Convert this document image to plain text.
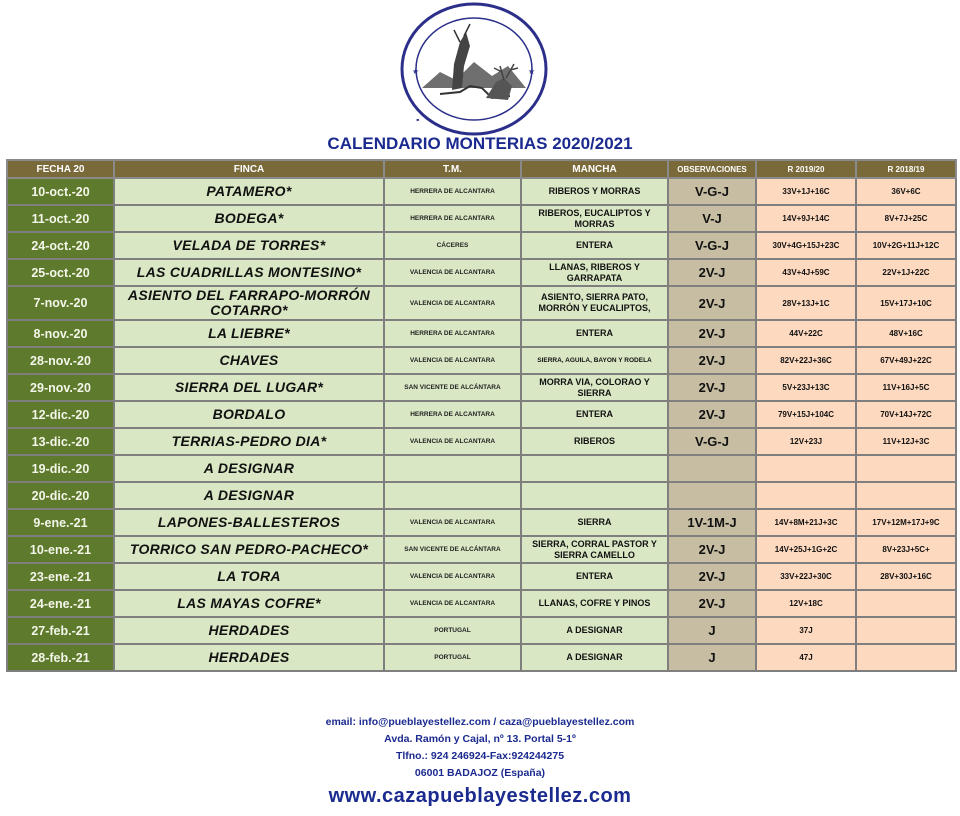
✦
★
★
CALENDARIO MONTERIAS 2020/2021
FECHA 20	FINCA	T.M.	MANCHA	OBSERVACIONES	R 2019/20	R 2018/19
10-oct.-20	PATAMERO*	HERRERA DE ALCANTARA	RIBEROS Y MORRAS	V-G-J	33V+1J+16C	36V+6C
11-oct.-20	BODEGA*	HERRERA DE ALCANTARA	RIBEROS, EUCALIPTOS Y MORRAS	V-J	14V+9J+14C	8V+7J+25C
24-oct.-20	VELADA DE TORRES*	CÁCERES	ENTERA	V-G-J	30V+4G+15J+23C	10V+2G+11J+12C
25-oct.-20	LAS CUADRILLAS MONTESINO*	VALENCIA DE ALCANTARA	LLANAS, RIBEROS Y GARRAPATA	2V-J	43V+4J+59C	22V+1J+22C
7-nov.-20	ASIENTO DEL FARRAPO-MORRÓN COTARRO*	VALENCIA DE ALCANTARA	ASIENTO, SIERRA PATO, MORRÓN Y EUCALIPTOS,	2V-J	28V+13J+1C	15V+17J+10C
8-nov.-20	LA LIEBRE*	HERRERA DE ALCANTARA	ENTERA	2V-J	44V+22C	48V+16C
28-nov.-20	CHAVES	VALENCIA DE ALCANTARA	SIERRA, AGUILA, BAYON Y RODELA	2V-J	82V+22J+36C	67V+49J+22C
29-nov.-20	SIERRA DEL LUGAR*	SAN VICENTE DE ALCÁNTARA	MORRA VIA, COLORAO Y SIERRA	2V-J	5V+23J+13C	11V+16J+5C
12-dic.-20	BORDALO	HERRERA DE ALCANTARA	ENTERA	2V-J	79V+15J+104C	70V+14J+72C
13-dic.-20	TERRIAS-PEDRO DIA*	VALENCIA DE ALCANTARA	RIBEROS	V-G-J	12V+23J	11V+12J+3C
19-dic.-20	A DESIGNAR					
20-dic.-20	A DESIGNAR					
9-ene.-21	LAPONES-BALLESTEROS	VALENCIA DE ALCANTARA	SIERRA	1V-1M-J	14V+8M+21J+3C	17V+12M+17J+9C
10-ene.-21	TORRICO SAN PEDRO-PACHECO*	SAN VICENTE DE ALCÁNTARA	SIERRA, CORRAL PASTOR Y SIERRA CAMELLO	2V-J	14V+25J+1G+2C	8V+23J+5C+
23-ene.-21	LA TORA	VALENCIA DE ALCANTARA	ENTERA	2V-J	33V+22J+30C	28V+30J+16C
24-ene.-21	LAS MAYAS COFRE*	VALENCIA DE ALCANTARA	LLANAS, COFRE Y PINOS	2V-J	12V+18C	
27-feb.-21	HERDADES	PORTUGAL	A DESIGNAR	J	37J	
28-feb.-21	HERDADES	PORTUGAL	A DESIGNAR	J	47J	
email: info@pueblayestellez.com / caza@pueblayestellez.com
Avda. Ramón y Cajal, nº 13. Portal 5-1º
Tlfno.: 924 246924-Fax:924244275
06001 BADAJOZ (España)
www.cazapueblayestellez.com
